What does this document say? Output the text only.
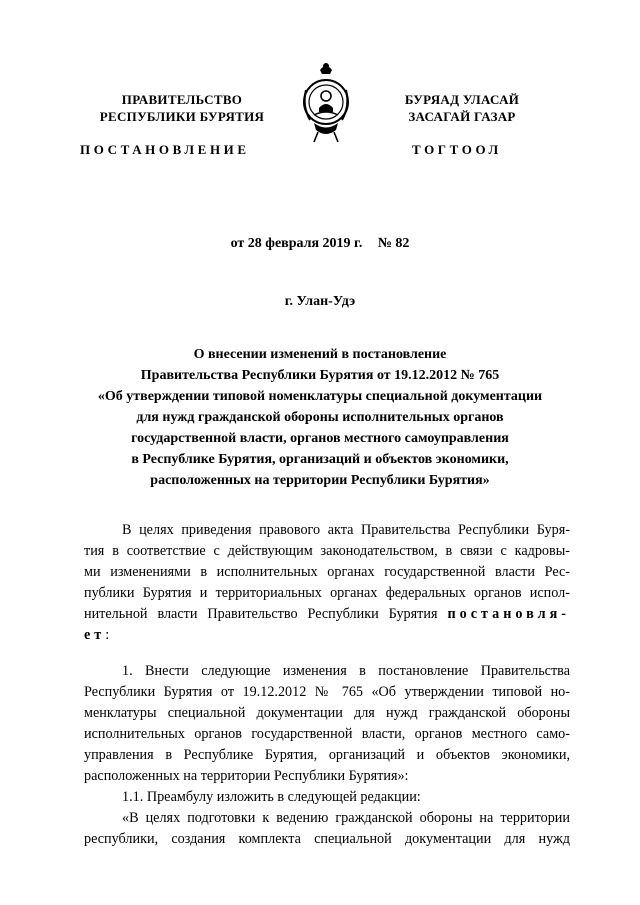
ПРАВИТЕЛЬСТВО
РЕСПУБЛИКИ БУРЯТИЯ
БУРЯАД УЛАСАЙ
ЗАСАГАЙ ГАЗАР
ПОСТАНОВЛЕНИЕ	ТОГТООЛ
от 28 февраля 2019 г. № 82
г. Улан-Удэ
О внесении изменений в постановление
Правительства Республики Бурятия от 19.12.2012 № 765
«Об утверждении типовой номенклатуры специальной документации
для нужд гражданской обороны исполнительных органов
государственной власти, органов местного самоуправления
в Республике Бурятия, организаций и объектов экономики,
расположенных на территории Республики Бурятия»
В целях приведения правового акта Правительства Республики Буря-
тия в соответствие с действующим законодательством, в связи с кадровы-
ми изменениями в исполнительных органах государственной власти Рес-
публики Бурятия и территориальных органах федеральных органов испол-
нительной власти Правительство Республики Бурятия постановля-
ет:
1. Внести следующие изменения в постановление Правительства
Республики Бурятия от 19.12.2012 № 765 «Об утверждении типовой но-
менклатуры специальной документации для нужд гражданской обороны
исполнительных органов государственной власти, органов местного само-
управления в Республике Бурятия, организаций и объектов экономики,
расположенных на территории Республики Бурятия»:
1.1. Преамбулу изложить в следующей редакции:
«В целях подготовки к ведению гражданской обороны на территории
республики, создания комплекта специальной документации для нужд
